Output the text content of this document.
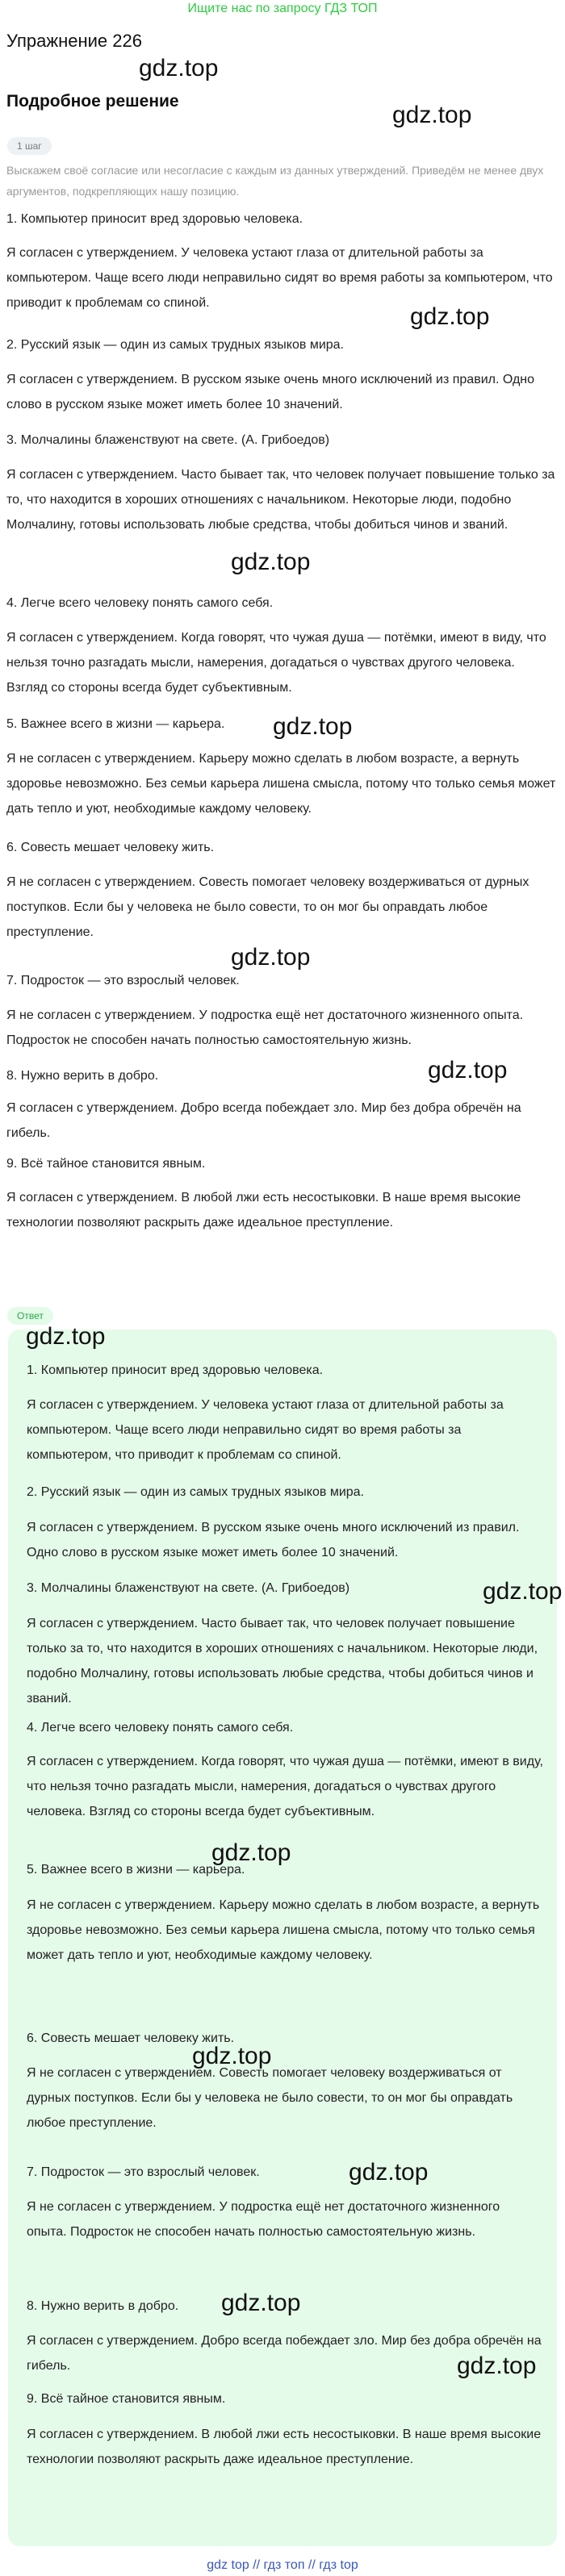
Ищите нас по запросу ГДЗ ТОП
Упражнение 226
gdz.top
Подробное решение
gdz.top
1 шаг
Выскажем своё согласие или несогласие с каждым из данных утверждений. Приведём не менее двух аргументов, подкрепляющих нашу позицию.
1. Компьютер приносит вред здоровью человека.
Я согласен с утверждением. У человека устают глаза от длительной работы за компьютером. Чаще всего люди неправильно сидят во время работы за компьютером, что приводит к проблемам со спиной.
gdz.top
2. Русский язык — один из самых трудных языков мира.
Я согласен с утверждением. В русском языке очень много исключений из правил. Одно слово в русском языке может иметь более 10 значений.
3. Молчалины блаженствуют на свете. (А. Грибоедов)
Я согласен с утверждением. Часто бывает так, что человек получает повышение только за то, что находится в хороших отношениях с начальником. Некоторые люди, подобно Молчалину, готовы использовать любые средства, чтобы добиться чинов и званий.
gdz.top
4. Легче всего человеку понять самого себя.
Я согласен с утверждением. Когда говорят, что чужая душа — потёмки, имеют в виду, что нельзя точно разгадать мысли, намерения, догадаться о чувствах другого человека. Взгляд со стороны всегда будет субъективным.
5. Важнее всего в жизни — карьера.	gdz.top
Я не согласен с утверждением. Карьеру можно сделать в любом возрасте, а вернуть здоровье невозможно. Без семьи карьера лишена смысла, потому что только семья может дать тепло и уют, необходимые каждому человеку.
6. Совесть мешает человеку жить.
Я не согласен с утверждением. Совесть помогает человеку воздерживаться от дурных поступков. Если бы у человека не было совести, то он мог бы оправдать любое преступление.
gdz.top
7. Подросток — это взрослый человек.
Я не согласен с утверждением. У подростка ещё нет достаточного жизненного опыта. Подросток не способен начать полностью самостоятельную жизнь.
gdz.top
8. Нужно верить в добро.
Я согласен с утверждением. Добро всегда побеждает зло. Мир без добра обречён на гибель.
9. Всё тайное становится явным.
Я согласен с утверждением. В любой лжи есть несостыковки. В наше время высокие технологии позволяют раскрыть даже идеальное преступление.
Ответ
gdz.top
1. Компьютер приносит вред здоровью человека.
Я согласен с утверждением. У человека устают глаза от длительной работы за компьютером. Чаще всего люди неправильно сидят во время работы за компьютером, что приводит к проблемам со спиной.
2. Русский язык — один из самых трудных языков мира.
Я согласен с утверждением. В русском языке очень много исключений из правил. Одно слово в русском языке может иметь более 10 значений.
gdz.top
3. Молчалины блаженствуют на свете. (А. Грибоедов)
Я согласен с утверждением. Часто бывает так, что человек получает повышение только за то, что находится в хороших отношениях с начальником. Некоторые люди, подобно Молчалину, готовы использовать любые средства, чтобы добиться чинов и званий.
4. Легче всего человеку понять самого себя.
Я согласен с утверждением. Когда говорят, что чужая душа — потёмки, имеют в виду, что нельзя точно разгадать мысли, намерения, догадаться о чувствах другого человека. Взгляд со стороны всегда будет субъективным.
gdz.top
5. Важнее всего в жизни — карьера.
Я не согласен с утверждением. Карьеру можно сделать в любом возрасте, а вернуть здоровье невозможно. Без семьи карьера лишена смысла, потому что только семья может дать тепло и уют, необходимые каждому человеку.
gdz.top
6. Совесть мешает человеку жить.
Я не согласен с утверждением. Совесть помогает человеку воздерживаться от дурных поступков. Если бы у человека не было совести, то он мог бы оправдать любое преступление.
gdz.top
7. Подросток — это взрослый человек.
Я не согласен с утверждением. У подростка ещё нет достаточного жизненного опыта. Подросток не способен начать полностью самостоятельную жизнь.
gdz.top
8. Нужно верить в добро.
Я согласен с утверждением. Добро всегда побеждает зло. Мир без добра обречён на гибель.	gdz.top
9. Всё тайное становится явным.
Я согласен с утверждением. В любой лжи есть несостыковки. В наше время высокие технологии позволяют раскрыть даже идеальное преступление.
gdz top // гдз топ // гдз top
